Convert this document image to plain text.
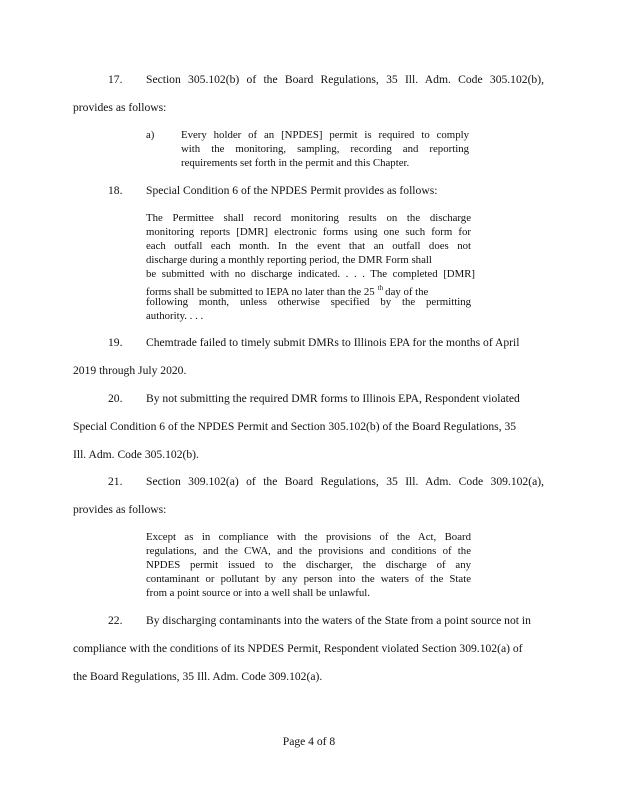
17. Section 305.102(b) of the Board Regulations, 35 Ill. Adm. Code 305.102(b),
provides as follows:
a) Every holder of an [NPDES] permit is required to comply
with the monitoring, sampling, recording and reporting
requirements set forth in the permit and this Chapter.
18. Special Condition 6 of the NPDES Permit provides as follows:
The Permittee shall record monitoring results on the discharge
monitoring reports [DMR] electronic forms using one such form for
each outfall each month. In the event that an outfall does not
discharge during a monthly reporting period, the DMR Form shall
be submitted with no discharge indicated. . . . The completed [DMR]
forms shall be submitted to IEPA no later than the 25 $^{th}$ day of the
following month, unless otherwise specified by the permitting
authority. . . .
19. Chemtrade failed to timely submit DMRs to Illinois EPA for the months of April
2019 through July 2020.
20. By not submitting the required DMR forms to Illinois EPA, Respondent violated
Special Condition 6 of the NPDES Permit and Section 305.102(b) of the Board Regulations, 35
Ill. Adm. Code 305.102(b).
21. Section 309.102(a) of the Board Regulations, 35 Ill. Adm. Code 309.102(a),
provides as follows:
Except as in compliance with the provisions of the Act, Board
regulations, and the CWA, and the provisions and conditions of the
NPDES permit issued to the discharger, the discharge of any
contaminant or pollutant by any person into the waters of the State
from a point source or into a well shall be unlawful.
22. By discharging contaminants into the waters of the State from a point source not in
compliance with the conditions of its NPDES Permit, Respondent violated Section 309.102(a) of
the Board Regulations, 35 Ill. Adm. Code 309.102(a).
Page 4 of 8
